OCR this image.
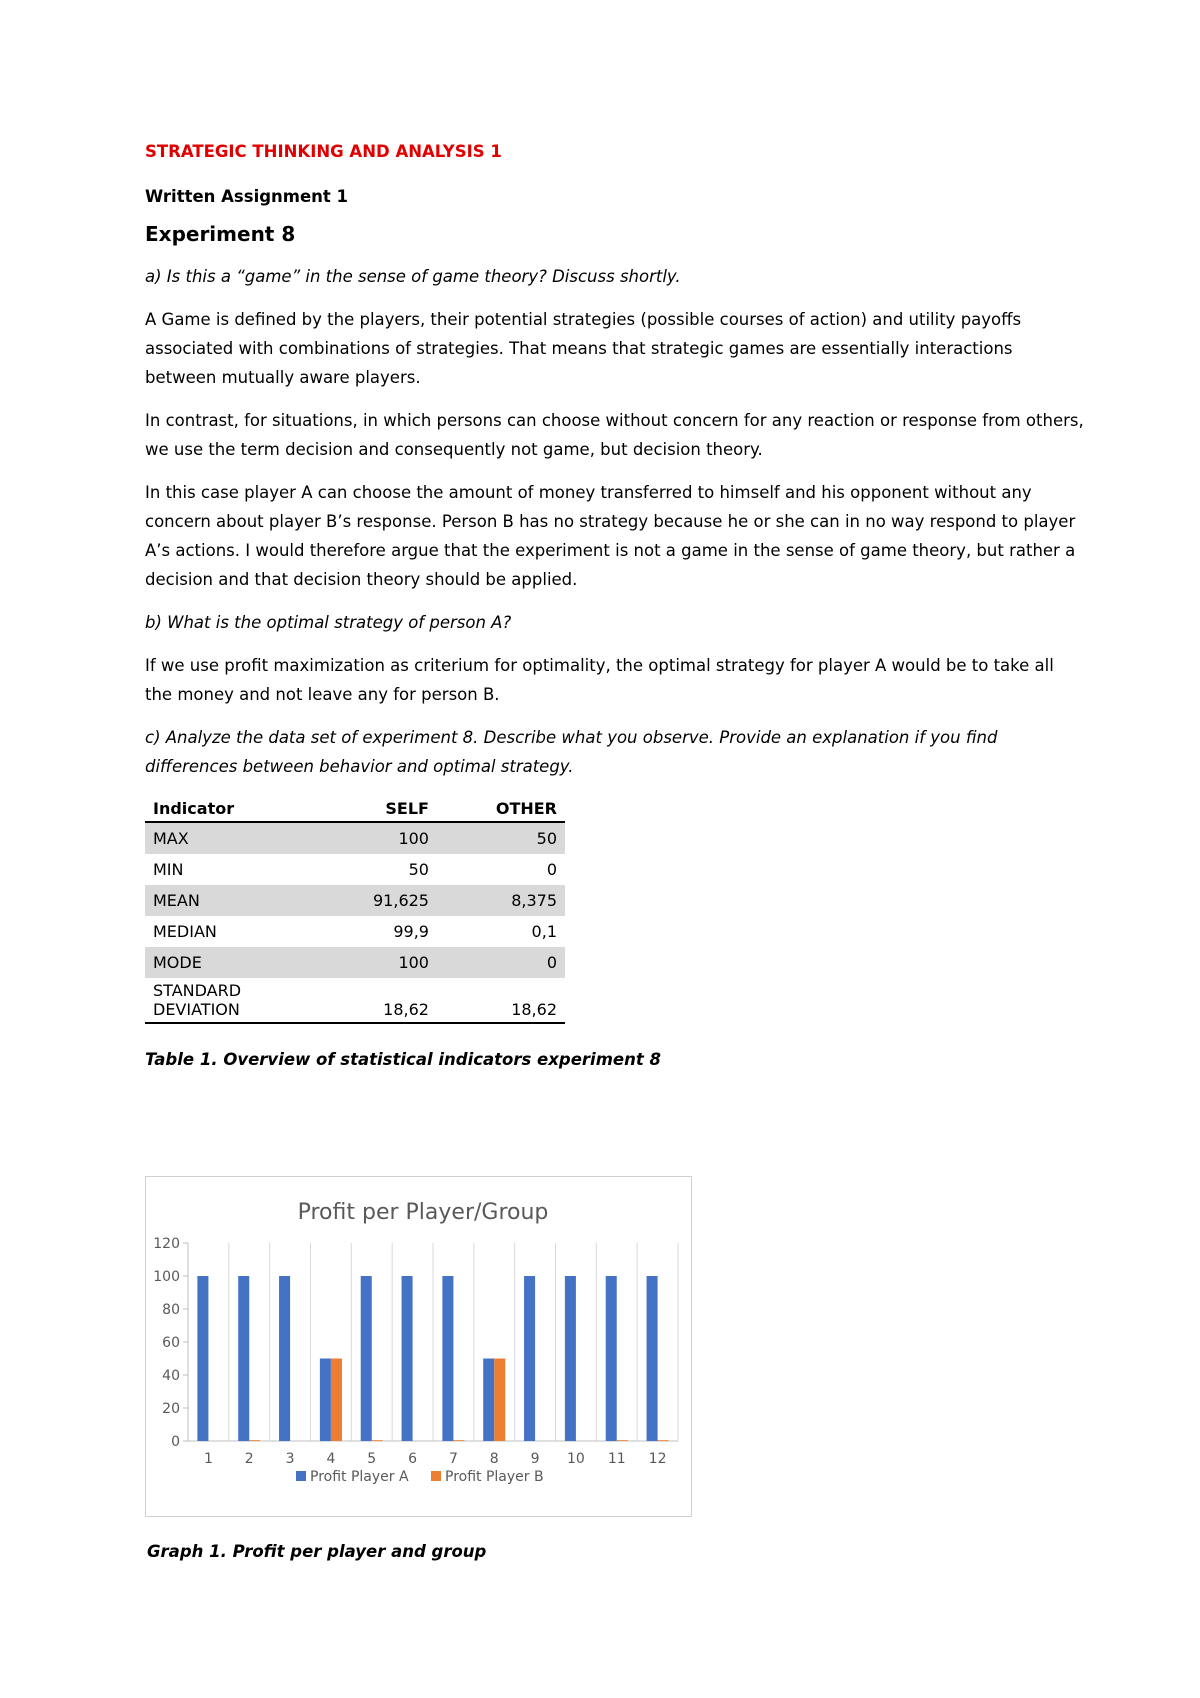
STRATEGIC THINKING AND ANALYSIS 1

Written Assignment 1

Experiment 8

a) Is this a “game” in the sense of game theory? Discuss shortly.

A Game is defined by the players, their potential strategies (possible courses of action) and utility payoffs associated with combinations of strategies. That means that strategic games are essentially interactions between mutually aware players.

In contrast, for situations, in which persons can choose without concern for any reaction or response from others, we use the term decision and consequently not game, but decision theory.

In this case player A can choose the amount of money transferred to himself and his opponent without any concern about player B’s response. Person B has no strategy because he or she can in no way respond to player A’s actions. I would therefore argue that the experiment is not a game in the sense of game theory, but rather a decision and that decision theory should be applied.

b) What is the optimal strategy of person A?

If we use profit maximization as criterium for optimality, the optimal strategy for player A would be to take all the money and not leave any for person B.

c) Analyze the data set of experiment 8. Describe what you observe. Provide an explanation if you find differences between behavior and optimal strategy.

Indicator	SELF	OTHER
MAX	100	50
MIN	50	0
MEAN	91,625	8,375
MEDIAN	99,9	0,1
MODE	100	0
STANDARD
DEVIATION	18,62	18,62

Table 1. Overview of statistical indicators experiment 8

Profit per Player/Group
0
20
40
60
80
100
120
1 2 3 4 5 6 7 8 9 10 11 12
Profit Player A	Profit Player B
Graph 1. Profit per player and group
